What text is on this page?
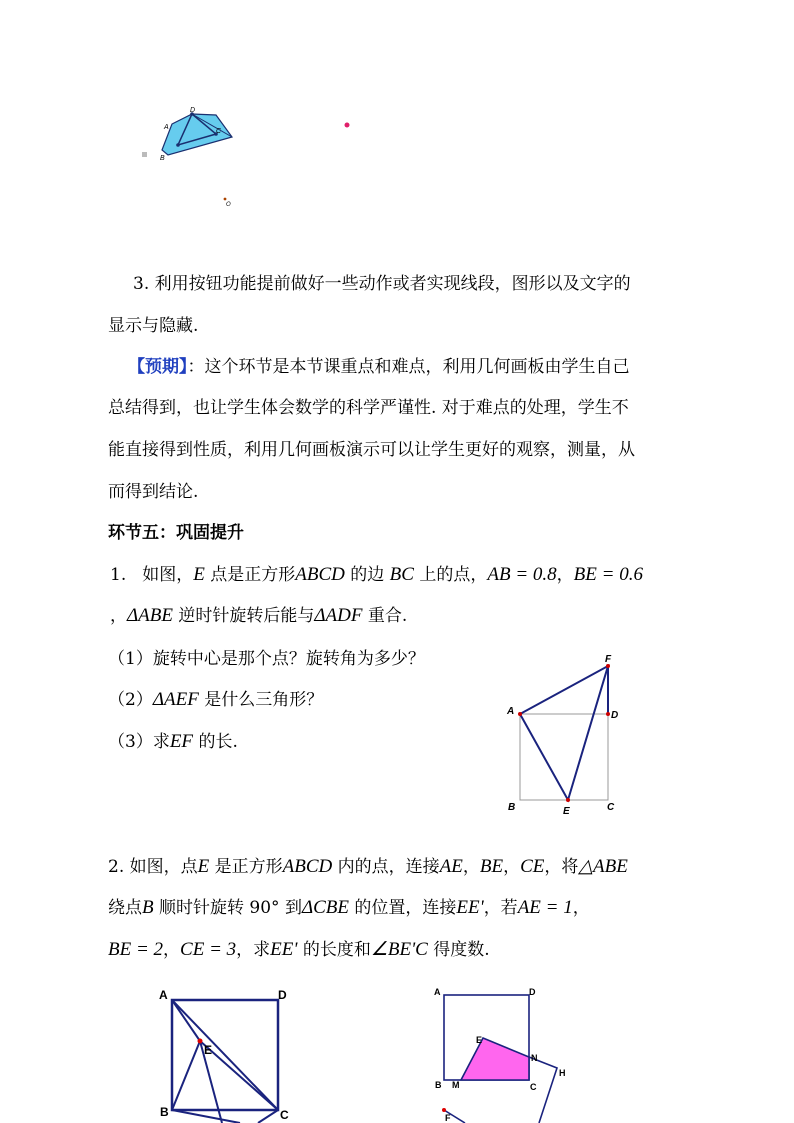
A
B
D
C
O
3. 利用按钮功能提前做好一些动作或者实现线段，图形以及文字的
显示与隐藏.
【预期】：这个环节是本节课重点和难点，利用几何画板由学生自己
总结得到，也让学生体会数学的科学严谨性. 对于难点的处理，学生不
能直接得到性质，利用几何画板演示可以让学生更好的观察，测量，从
而得到结论.
环节五：巩固提升
1. 如图，E 点是正方形ABCD 的边 BC 上的点，AB = 0.8，BE = 0.6
，ΔABE 逆时针旋转后能与ΔADF 重合.
（1）旋转中心是那个点？旋转角为多少？
（2）ΔAEF 是什么三角形？
（3）求EF 的长.
F
A	D
B	E	C
2. 如图，点E 是正方形ABCD 内的点，连接AE，BE，CE，将△ABE
绕点B 顺时针旋转 90° 到ΔCBE 的位置，连接EE'，若AE = 1，
BE = 2，CE = 3，求EE' 的长度和∠BE'C 得度数.
A	D
E
B	C
A	D
E
N
B M	C
H
F
